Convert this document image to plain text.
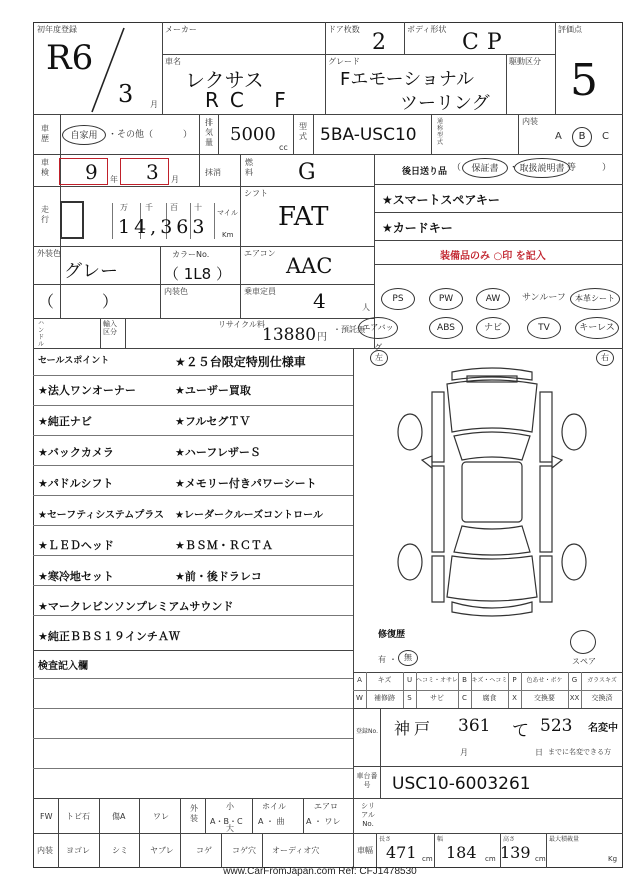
初年度登録
R6
3 月
メーカー
車名
レクサス
RC F
ドア枚数
2
ボディ形状
CP
グレード
Fエモーショナル
ツーリング
駆動区分
評価点
5
車歴	自家用	・その他（	）
排気量 5000
cc
型式 5BA-USC10
通称型式
内装
A	B	C
車検 9 年 3 月
抹消
燃料 G	後日送り品 （	保証書	・ 取扱説明書 等	）
走行
万 千 百 十
マイル
Km
14,363
シフト
FAT
外装色
グレー
カラーNo.
（ 1L8 ）
エアコン
AAC
（　　　）
内装色	乗車定員 4	人
ハンドル
輸入区分
リサイクル料
13880 円
・預託無
★スマートスペアキー
★カードキー
装備品のみ ○印 を記入
PS	PW	AW	サンルーフ	本革シート
エアバッグ
ABS	ナビ	TV	キーレス
セールスポイント	★２５台限定特別仕様車
★法人ワンオーナー	★ユーザー買取
★純正ナビ	★フルセグＴＶ
★バックカメラ	★ハーフレザーＳ
★パドルシフト	★メモリー付きパワーシート
★セーフティシステムプラス ★レーダークルーズコントロール
★ＬＥＤヘッド	★ＢＳＭ・ＲＣＴＡ
★寒冷地セット	★前・後ドラレコ
★マークレビンソンプレミアムサウンド
★純正ＢＢＳ１９インチＡＷ
検査記入欄
左	右
修復歴
有 ・ 無	スペア
A	キズ	U ヘコミ・オサレ B キズ・ヘコミ P	色あせ・ボケ	G	ガラスキズ
W	補修跡	S	サビ	C	腐食	X	交換要	XX	交換済
登録No. 神戸 361 て 523 名変中
月	日 までに名変できる方
車台番号	USC10-6003261
FW トビ石	傷A	ワレ
外装
小
A・B・C
大
ホイル
A ・ 曲
エアロ
A ・ ワレ
シリアルNo.
内装 ヨゴレ	シミ	ヤブレ	コゲ	コゲ穴 オーディオ穴	車幅
長さ
471 cm
幅
184 cm
高さ
139 cm
最大積載量
Kg
www.CarFromJapan.com Ref: CFJ1478530
